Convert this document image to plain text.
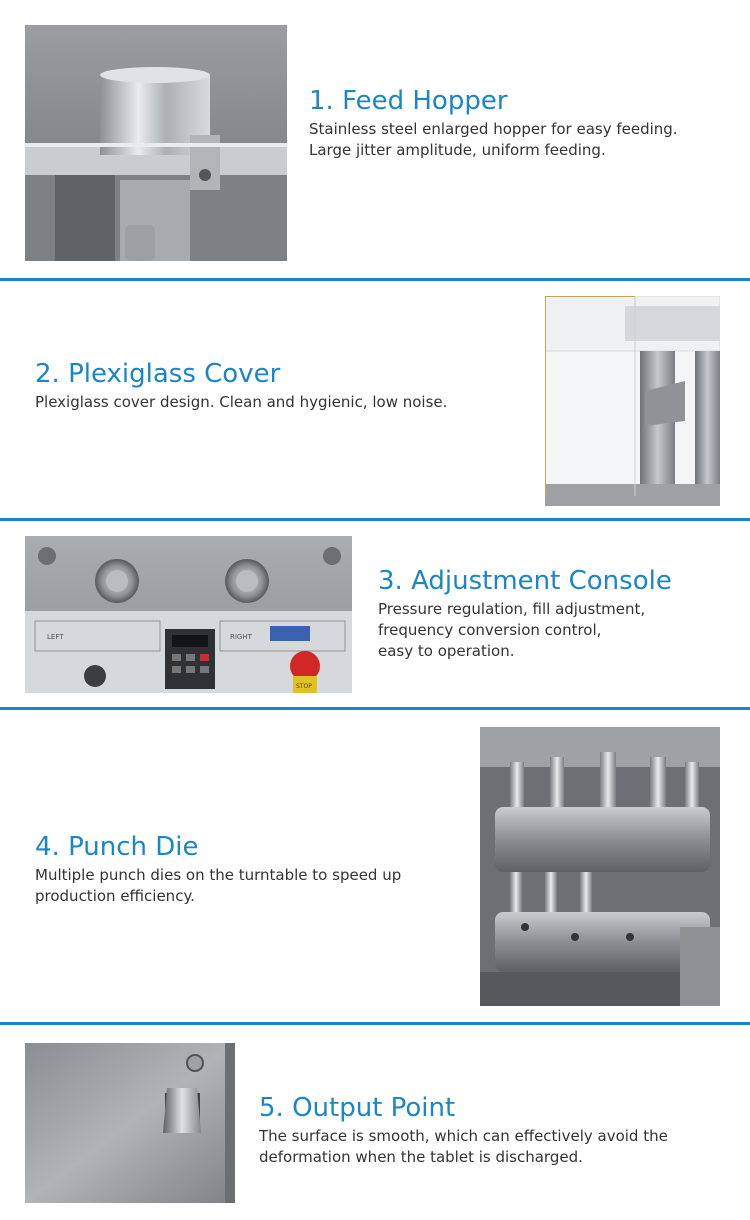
1. Feed Hopper

Stainless steel enlarged hopper for easy feeding.
Large jitter amplitude, uniform feeding.

2. Plexiglass Cover

Plexiglass cover design. Clean and hygienic, low noise.

LEFT	RIGHT
STOP
3. Adjustment Console

Pressure regulation, fill adjustment,
frequency conversion control,
easy to operation.

4. Punch Die

Multiple punch dies on the turntable to speed up
production efficiency.

5. Output Point

The surface is smooth, which can effectively avoid the
deformation when the tablet is discharged.
